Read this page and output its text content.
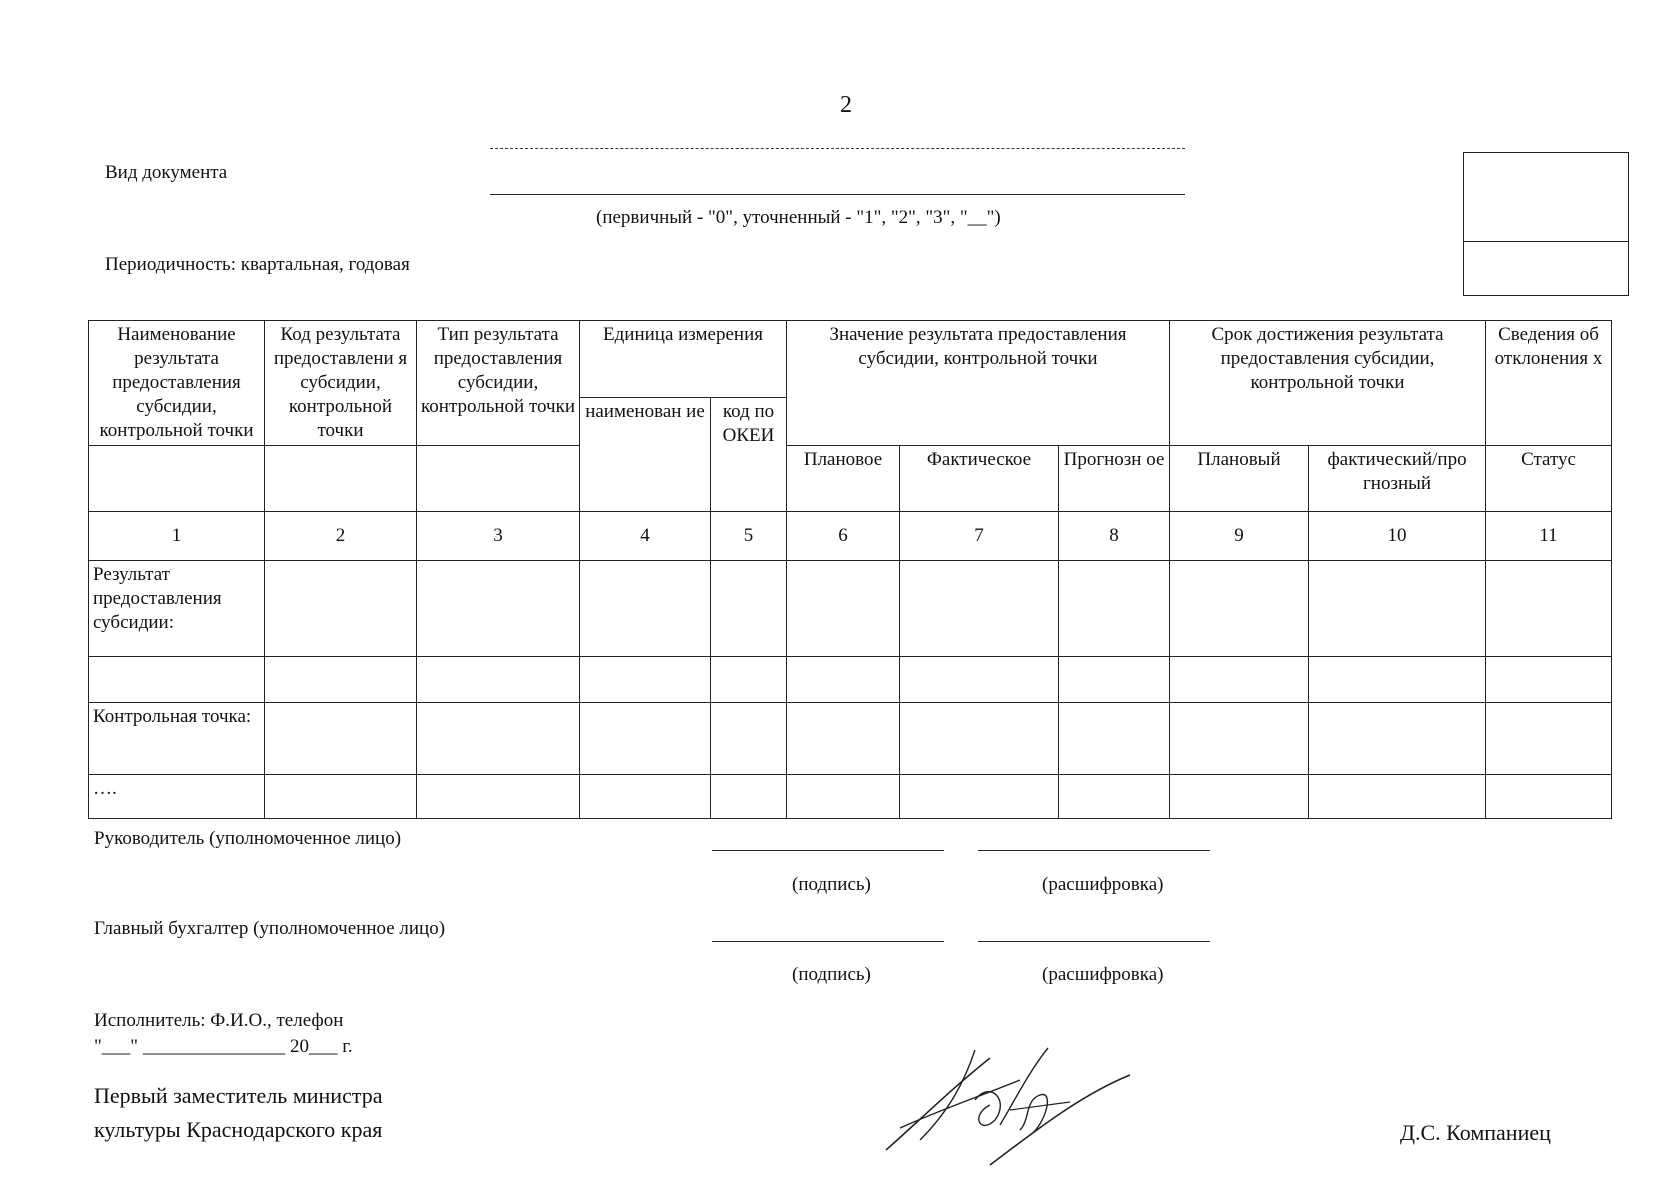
2
Вид документа
(первичный - "0", уточненный - "1", "2", "3", "__")
Периодичность: квартальная, годовая
Наименование результата предоставления субсидии, контрольной точки	Код результата предоставлени я субсидии, контрольной точки	Тип результата предоставления субсидии, контрольной точки	Единица измерения		Значение результата предоставления субсидии, контрольной точки			Срок достижения результата предоставления субсидии, контрольной точки		Сведения об отклонения х
			наименован ие	код по ОКЕИ						
					Плановое	Фактическое	Прогнозн ое	Плановый	фактический/про гнозный	Статус
1	2	3	4	5	6	7	8	9	10	11
Результат предоставления субсидии:										

Контрольная точка:										
….										
Руководитель (уполномоченное лицо)
(подпись)	(расшифровка)
Главный бухгалтер (уполномоченное лицо)
(подпись)	(расшифровка)
Исполнитель: Ф.И.О., телефон
"___" _______________ 20___ г.
Первый заместитель министра
культуры Краснодарского края	Д.С. Компаниец
